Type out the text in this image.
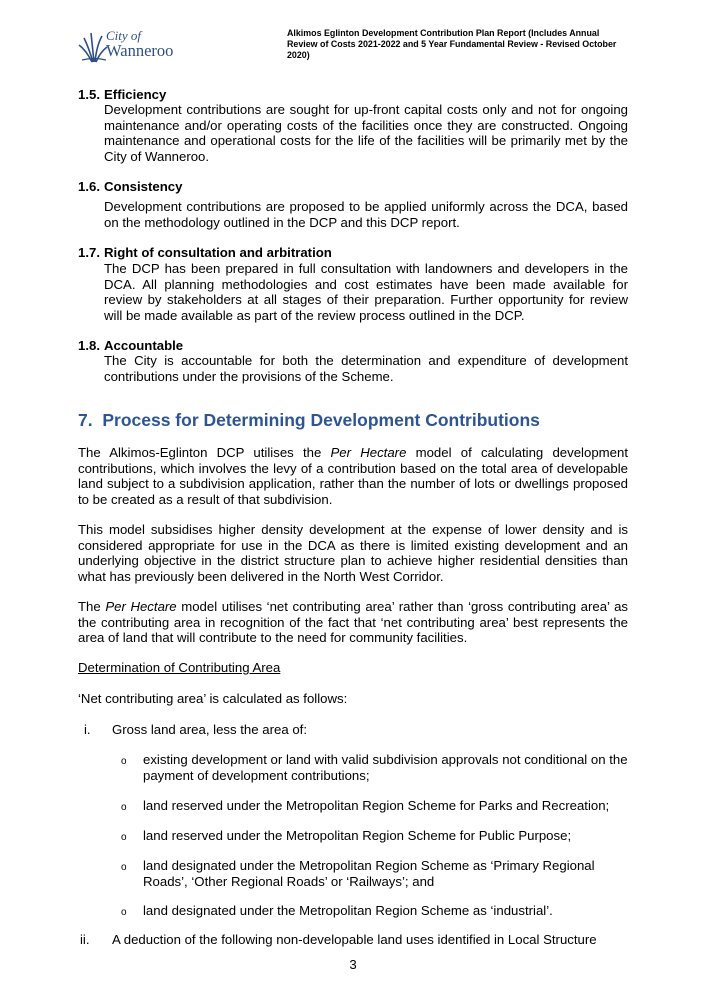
City of
Wanneroo
Alkimos Eglinton Development Contribution Plan Report (Includes Annual Review of Costs 2021-2022 and 5 Year Fundamental Review - Revised October 2020)
1.5. Efficiency
Development contributions are sought for up-front capital costs only and not for ongoing maintenance and/or operating costs of the facilities once they are constructed. Ongoing maintenance and operational costs for the life of the facilities will be primarily met by the City of Wanneroo.
1.6. Consistency
Development contributions are proposed to be applied uniformly across the DCA, based on the methodology outlined in the DCP and this DCP report.
1.7. Right of consultation and arbitration
The DCP has been prepared in full consultation with landowners and developers in the DCA. All planning methodologies and cost estimates have been made available for review by stakeholders at all stages of their preparation. Further opportunity for review will be made available as part of the review process outlined in the DCP.
1.8. Accountable
The City is accountable for both the determination and expenditure of development contributions under the provisions of the Scheme.
7. Process for Determining Development Contributions
The Alkimos-Eglinton DCP utilises the Per Hectare model of calculating development contributions, which involves the levy of a contribution based on the total area of developable land subject to a subdivision application, rather than the number of lots or dwellings proposed to be created as a result of that subdivision.
This model subsidises higher density development at the expense of lower density and is considered appropriate for use in the DCA as there is limited existing development and an underlying objective in the district structure plan to achieve higher residential densities than what has previously been delivered in the North West Corridor.
The Per Hectare model utilises ‘net contributing area’ rather than ‘gross contributing area’ as the contributing area in recognition of the fact that ‘net contributing area’ best represents the area of land that will contribute to the need for community facilities.
Determination of Contributing Area
‘Net contributing area’ is calculated as follows:
i. Gross land area, less the area of:
o existing development or land with valid subdivision approvals not conditional on the payment of development contributions;
o land reserved under the Metropolitan Region Scheme for Parks and Recreation;
o land reserved under the Metropolitan Region Scheme for Public Purpose;
o land designated under the Metropolitan Region Scheme as ‘Primary Regional Roads’, ‘Other Regional Roads’ or ‘Railways’; and
o land designated under the Metropolitan Region Scheme as ‘industrial’.
ii. A deduction of the following non-developable land uses identified in Local Structure
3
